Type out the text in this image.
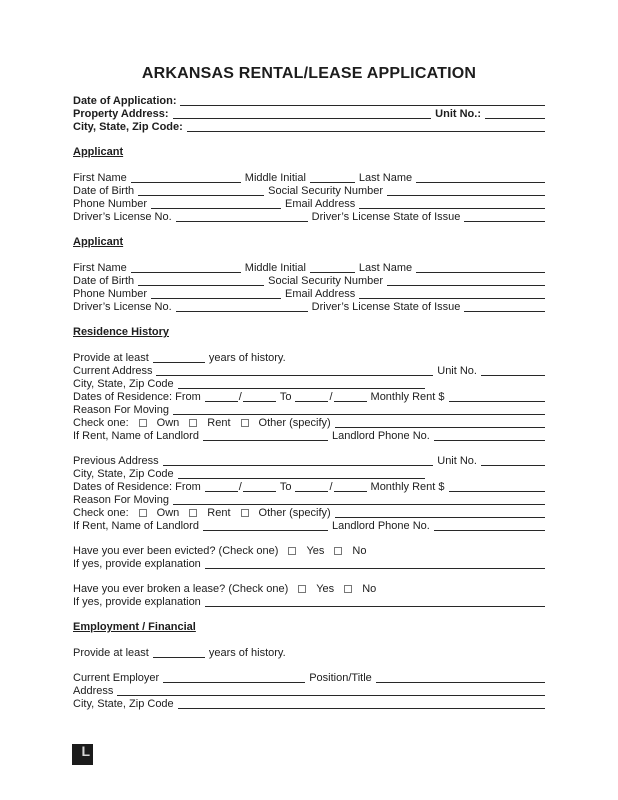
ARKANSAS RENTAL/LEASE APPLICATION
Date of Application:
Property Address:	Unit No.:
City, State, Zip Code:
Applicant
First Name	Middle Initial	Last Name
Date of Birth	Social Security Number
Phone Number	Email Address
Driver’s License No.	Driver’s License State of Issue
Applicant
First Name	Middle Initial	Last Name
Date of Birth	Social Security Number
Phone Number	Email Address
Driver’s License No.	Driver’s License State of Issue
Residence History
Provide at least	years of history.
Current Address	Unit No.
City, State, Zip Code
Dates of Residence: From	/	To	/	Monthly Rent $
Reason For Moving
Check one:	Own	Rent	Other (specify)
If Rent, Name of Landlord	Landlord Phone No.
Previous Address	Unit No.
City, State, Zip Code
Dates of Residence: From	/	To	/	Monthly Rent $
Reason For Moving
Check one:	Own	Rent	Other (specify)
If Rent, Name of Landlord	Landlord Phone No.
Have you ever been evicted? (Check one)	Yes	No
If yes, provide explanation
Have you ever broken a lease? (Check one)	Yes	No
If yes, provide explanation
Employment / Financial
Provide at least	years of history.
Current Employer	Position/Title
Address
City, State, Zip Code
L
